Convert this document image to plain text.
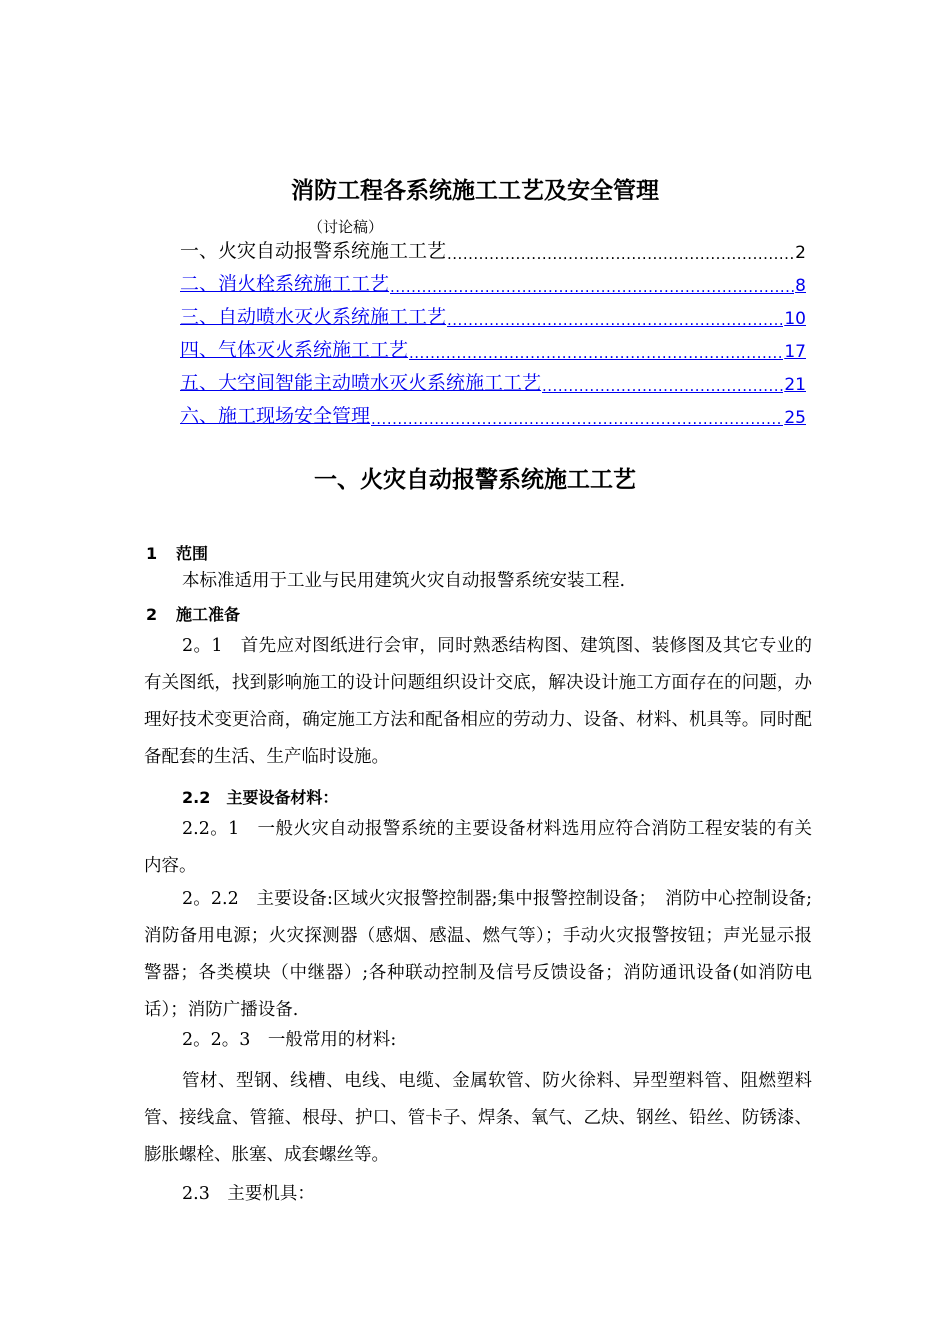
消防工程各系统施工工艺及安全管理
（讨论稿）
一、火灾自动报警系统施工工艺 .....	2
二、消火栓系统施工工艺 .....	8
三、自动喷水灭火系统施工工艺 .....	10
四、气体灭火系统施工工艺 .....	17
五、大空间智能主动喷水灭火系统施工工艺 .....	21
六、施工现场安全管理 .....	25
一、火灾自动报警系统施工工艺
1 范围
本标准适用于工业与民用建筑火灾自动报警系统安装工程.
2 施工准备
2。1　首先应对图纸进行会审，同时熟悉结构图、建筑图、装修图及其它专业的有关图纸，找到影响施工的设计问题组织设计交底，解决设计施工方面存在的问题，办理好技术变更洽商，确定施工方法和配备相应的劳动力、设备、材料、机具等。同时配备配套的生活、生产临时设施。
2.2　主要设备材料：
2.2。1　一般火灾自动报警系统的主要设备材料选用应符合消防工程安装的有关内容。
2。2.2　主要设备:区域火灾报警控制器;集中报警控制设备；　消防中心控制设备;消防备用电源；火灾探测器（感烟、感温、燃气等）；手动火灾报警按钮；声光显示报警器；各类模块（中继器）;各种联动控制及信号反馈设备；消防通讯设备(如消防电话）；消防广播设备.
2。2。3　一般常用的材料:
管材、型钢、线槽、电线、电缆、金属软管、防火徐料、异型塑料管、阻燃塑料管、接线盒、管箍、根母、护口、管卡子、焊条、氧气、乙炔、钢丝、铅丝、防锈漆、膨胀螺栓、胀塞、成套螺丝等。
2.3　主要机具：
